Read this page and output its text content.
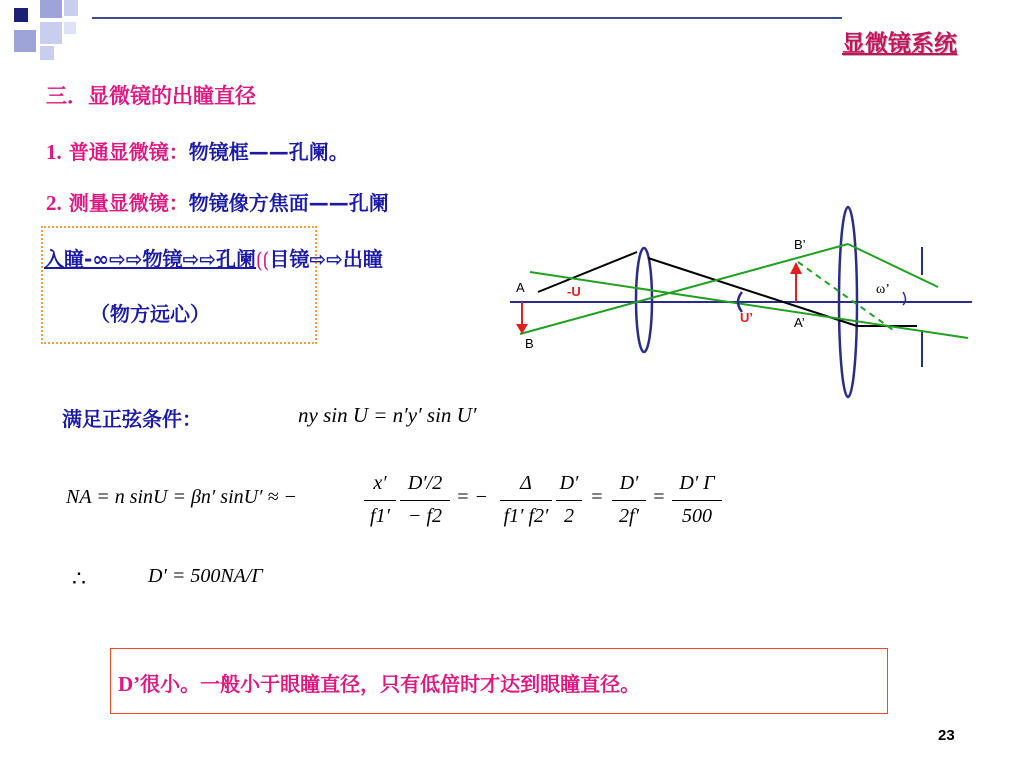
显微镜系统
三．显微镜的出瞳直径
1. 普通显微镜：物镜框——孔阑。
2. 测量显微镜：物镜像方焦面——孔阑
入瞳-∞⇨⇨物镜⇨⇨孔阑⟮⟮目镜⇨⇨出瞳
（物方远心）
B’
A	-U
U’	A’
B
ω’
满足正弦条件：	ny sin U = n′y′ sin U′
NA = n sinU = βn′ sinU′ ≈ −
x′
f1′
D′/2
− f2
= −
Δ
f1′ f2′
D′
2
=
D′
2f′
=
D′ Γ
500
∴	D′ = 500NA/Γ
D’很小。一般小于眼瞳直径，只有低倍时才达到眼瞳直径。
23
